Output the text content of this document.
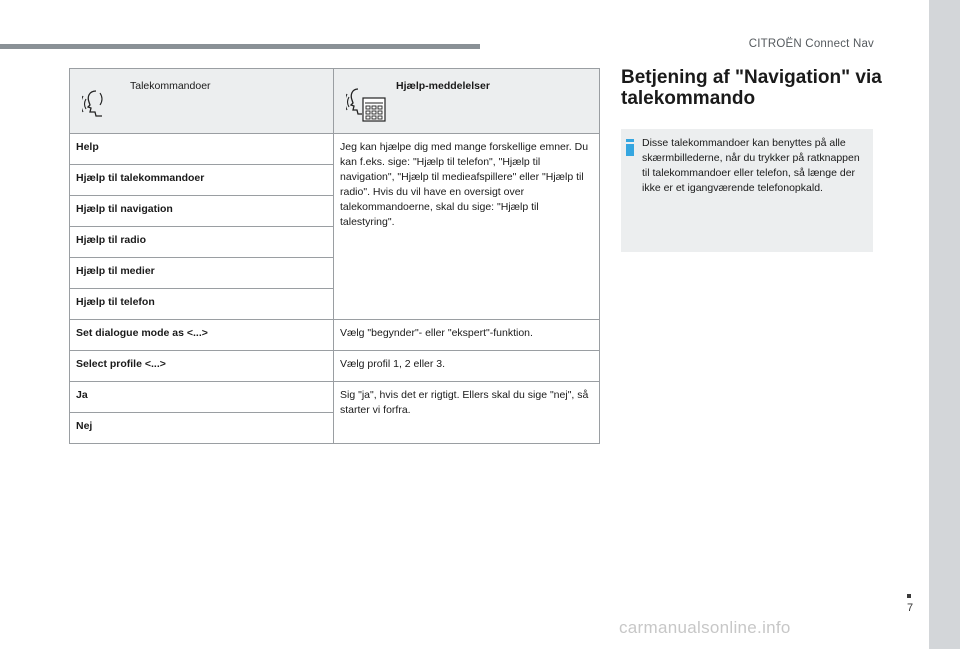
CITROËN Connect Nav
Talekommandoer	Hjælp-meddelelser

Help	Jeg kan hjælpe dig med mange forskellige emner. Du kan f.eks. sige: "Hjælp til telefon", "Hjælp til navigation", "Hjælp til medieafspillere" eller "Hjælp til radio". Hvis du vil have en oversigt over talekommandoerne, skal du sige: "Hjælp til talestyring".
Hjælp til talekommandoer	
Hjælp til navigation	
Hjælp til radio	
Hjælp til medier	
Hjælp til telefon	
Set dialogue mode as <...>	Vælg "begynder"- eller "ekspert"-funktion.
Select profile <...>	Vælg profil 1, 2 eller 3.
Ja	Sig "ja", hvis det er rigtigt. Ellers skal du sige "nej", så starter vi forfra.
Nej	
Betjening af "Navigation" via talekommando
Disse talekommandoer kan benyttes på alle skærmbillederne, når du trykker på ratknappen til talekommandoer eller telefon, så længe der ikke er et igangværende telefonopkald.
7
carmanualsonline.info
